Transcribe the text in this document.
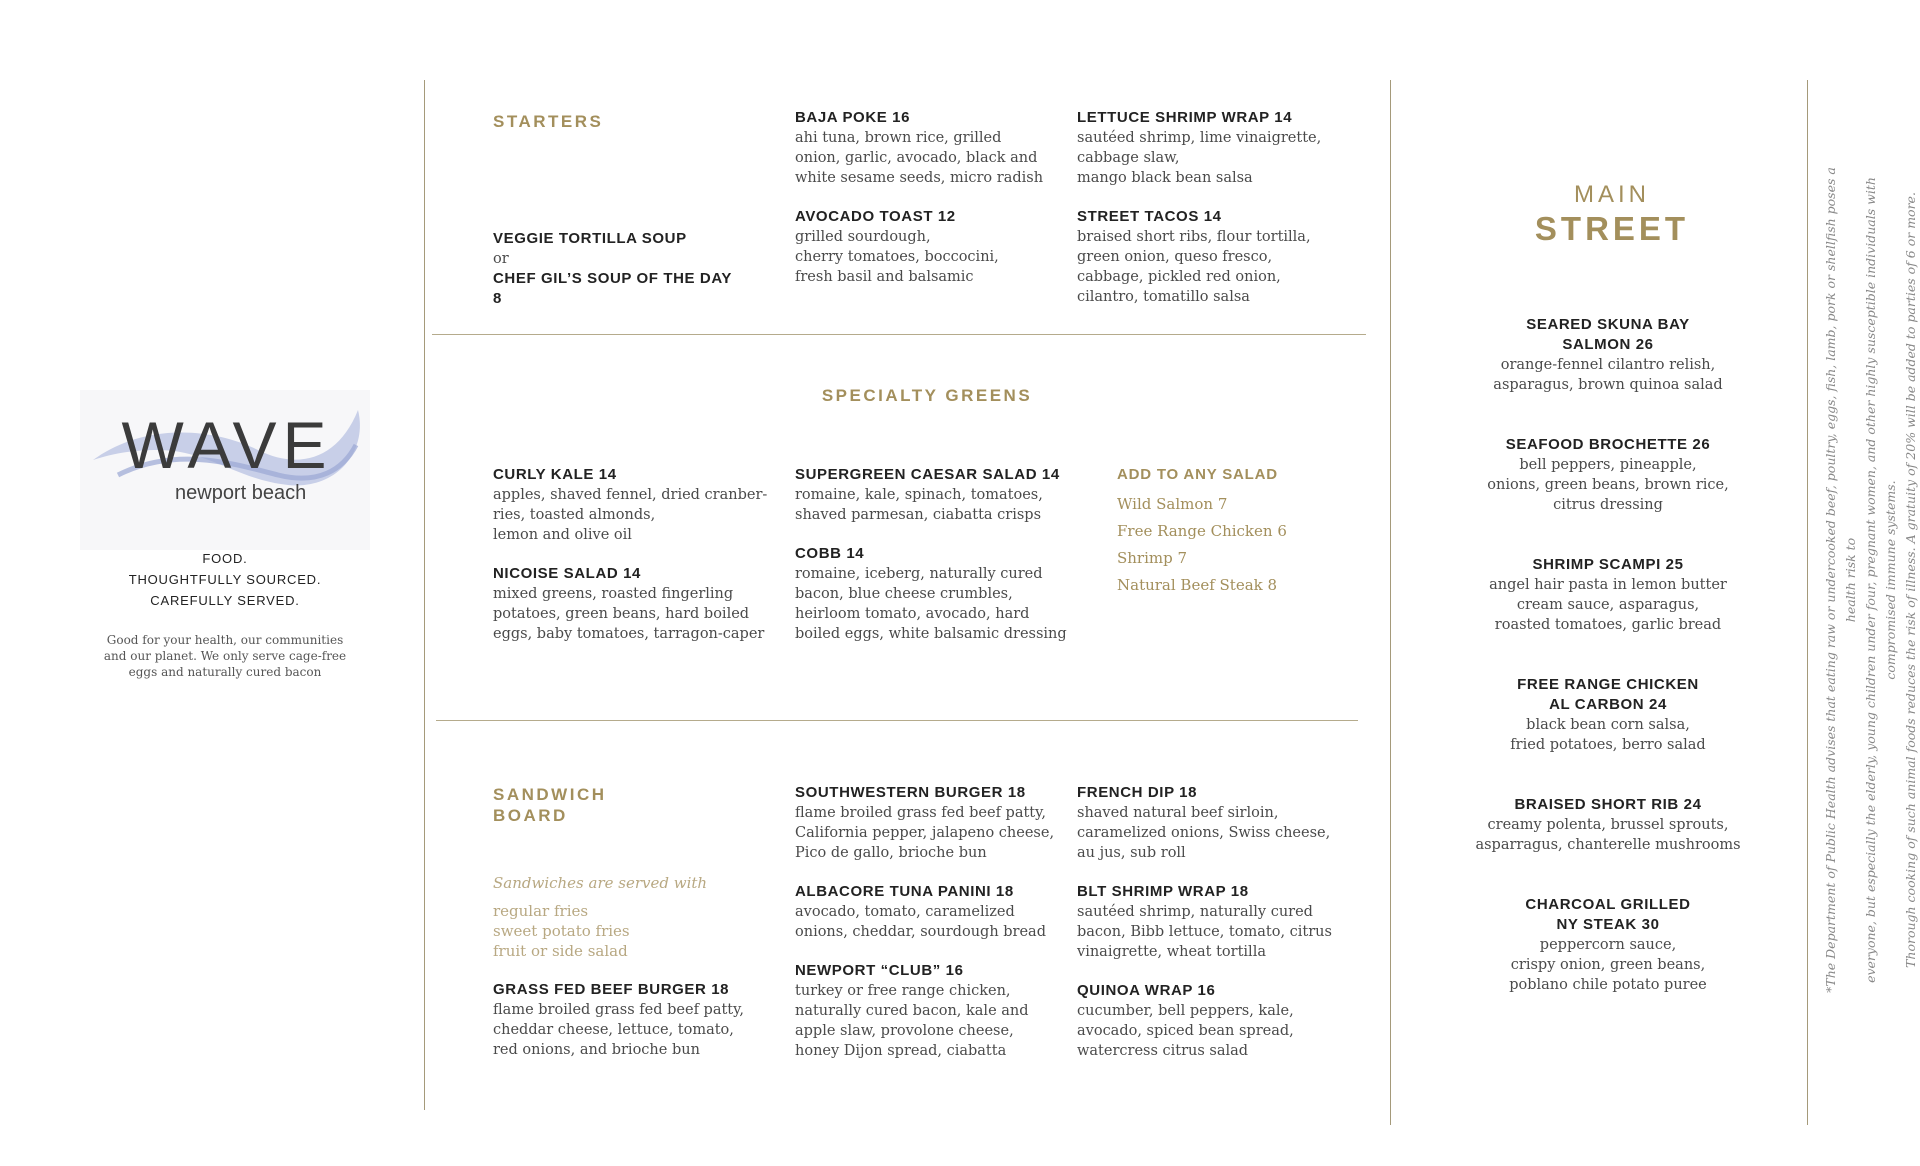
WAVE
newport beach
FOOD.
THOUGHTFULLY SOURCED.
CAREFULLY SERVED.
Good for your health, our communities
and our planet. We only serve cage-free
eggs and naturally cured bacon
STARTERS
VEGGIE TORTILLA SOUP
or
CHEF GIL’S SOUP OF THE DAY
8
BAJA POKE 16
ahi tuna, brown rice, grilled
onion, garlic, avocado, black and
white sesame seeds, micro radish
AVOCADO TOAST 12
grilled sourdough,
cherry tomatoes, boccocini,
fresh basil and balsamic
LETTUCE SHRIMP WRAP 14
sautéed shrimp, lime vinaigrette,
cabbage slaw,
mango black bean salsa
STREET TACOS 14
braised short ribs, flour tortilla,
green onion, queso fresco,
cabbage, pickled red onion,
cilantro, tomatillo salsa
SPECIALTY GREENS
CURLY KALE 14
apples, shaved fennel, dried cranber-
ries, toasted almonds,
lemon and olive oil
NICOISE SALAD 14
mixed greens, roasted fingerling
potatoes, green beans, hard boiled
eggs, baby tomatoes, tarragon-caper
SUPERGREEN CAESAR SALAD 14
romaine, kale, spinach, tomatoes,
shaved parmesan, ciabatta crisps
COBB 14
romaine, iceberg, naturally cured
bacon, blue cheese crumbles,
heirloom tomato, avocado, hard
boiled eggs, white balsamic dressing
ADD TO ANY SALAD
Wild Salmon 7
Free Range Chicken 6
Shrimp 7
Natural Beef Steak 8
SANDWICH
BOARD
Sandwiches are served with
regular fries
sweet potato fries
fruit or side salad
GRASS FED BEEF BURGER 18
flame broiled grass fed beef patty,
cheddar cheese, lettuce, tomato,
red onions, and brioche bun
SOUTHWESTERN BURGER 18
flame broiled grass fed beef patty,
California pepper, jalapeno cheese,
Pico de gallo, brioche bun
ALBACORE TUNA PANINI 18
avocado, tomato, caramelized
onions, cheddar, sourdough bread
NEWPORT “CLUB” 16
turkey or free range chicken,
naturally cured bacon, kale and
apple slaw, provolone cheese,
honey Dijon spread, ciabatta
FRENCH DIP 18
shaved natural beef sirloin,
caramelized onions, Swiss cheese,
au jus, sub roll
BLT SHRIMP WRAP 18
sautéed shrimp, naturally cured
bacon, Bibb lettuce, tomato, citrus
vinaigrette, wheat tortilla
QUINOA WRAP 16
cucumber, bell peppers, kale,
avocado, spiced bean spread,
watercress citrus salad
MAIN
STREET
SEARED SKUNA BAY
SALMON 26
orange-fennel cilantro relish,
asparagus, brown quinoa salad
SEAFOOD BROCHETTE 26
bell peppers, pineapple,
onions, green beans, brown rice,
citrus dressing
SHRIMP SCAMPI 25
angel hair pasta in lemon butter
cream sauce, asparagus,
roasted tomatoes, garlic bread
FREE RANGE CHICKEN
AL CARBON 24
black bean corn salsa,
fried potatoes, berro salad
BRAISED SHORT RIB 24
creamy polenta, brussel sprouts,
asparragus, chanterelle mushrooms
CHARCOAL GRILLED
NY STEAK 30
peppercorn sauce,
crispy onion, green beans,
poblano chile potato puree	*The Department of Public Health advises that eating raw or undercooked beef, poultry, eggs, fish, lamb, pork or shellfish poses a health risk to everyone, but especially the elderly, young children under four, pregnant women, and other highly susceptible individuals with compromised immune systems. Thorough cooking of such animal foods reduces the risk of illness. A gratuity of 20% will be added to parties of 6 or more.
